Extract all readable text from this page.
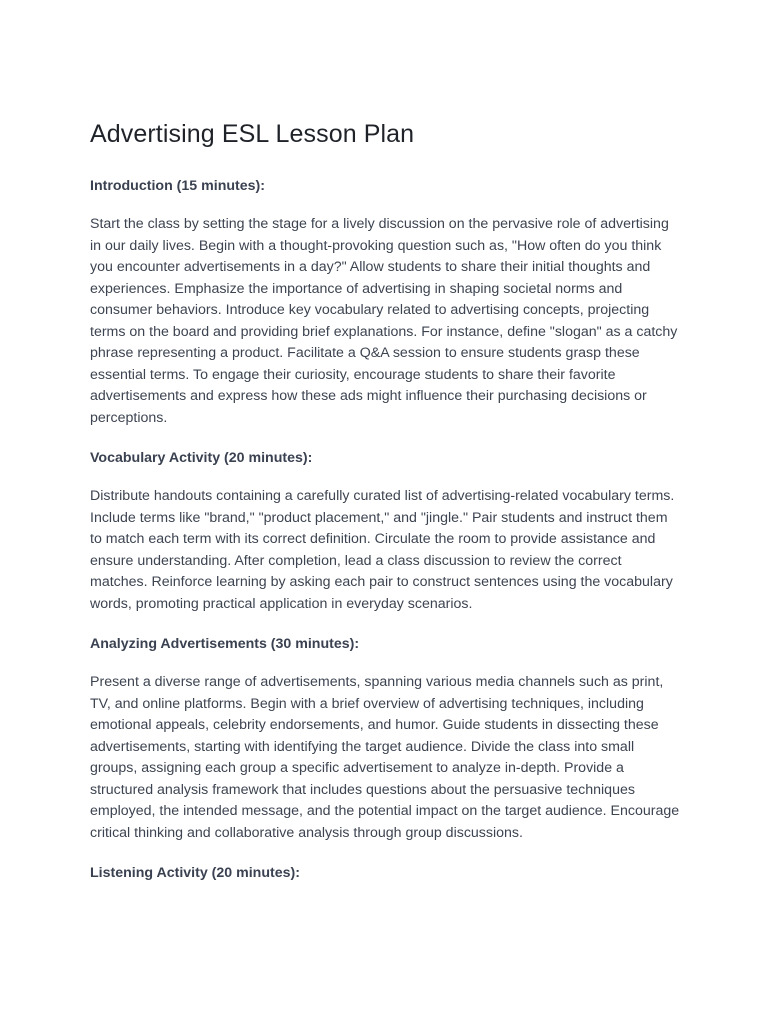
Advertising ESL Lesson Plan

Introduction (15 minutes):

Start the class by setting the stage for a lively discussion on the pervasive role of advertising in our daily lives. Begin with a thought-provoking question such as, "How often do you think you encounter advertisements in a day?" Allow students to share their initial thoughts and experiences. Emphasize the importance of advertising in shaping societal norms and consumer behaviors. Introduce key vocabulary related to advertising concepts, projecting terms on the board and providing brief explanations. For instance, define "slogan" as a catchy phrase representing a product. Facilitate a Q&A session to ensure students grasp these essential terms. To engage their curiosity, encourage students to share their favorite advertisements and express how these ads might influence their purchasing decisions or perceptions.

Vocabulary Activity (20 minutes):

Distribute handouts containing a carefully curated list of advertising-related vocabulary terms. Include terms like "brand," "product placement," and "jingle." Pair students and instruct them to match each term with its correct definition. Circulate the room to provide assistance and ensure understanding. After completion, lead a class discussion to review the correct matches. Reinforce learning by asking each pair to construct sentences using the vocabulary words, promoting practical application in everyday scenarios.

Analyzing Advertisements (30 minutes):

Present a diverse range of advertisements, spanning various media channels such as print, TV, and online platforms. Begin with a brief overview of advertising techniques, including emotional appeals, celebrity endorsements, and humor. Guide students in dissecting these advertisements, starting with identifying the target audience. Divide the class into small groups, assigning each group a specific advertisement to analyze in-depth. Provide a structured analysis framework that includes questions about the persuasive techniques employed, the intended message, and the potential impact on the target audience. Encourage critical thinking and collaborative analysis through group discussions.

Listening Activity (20 minutes):
